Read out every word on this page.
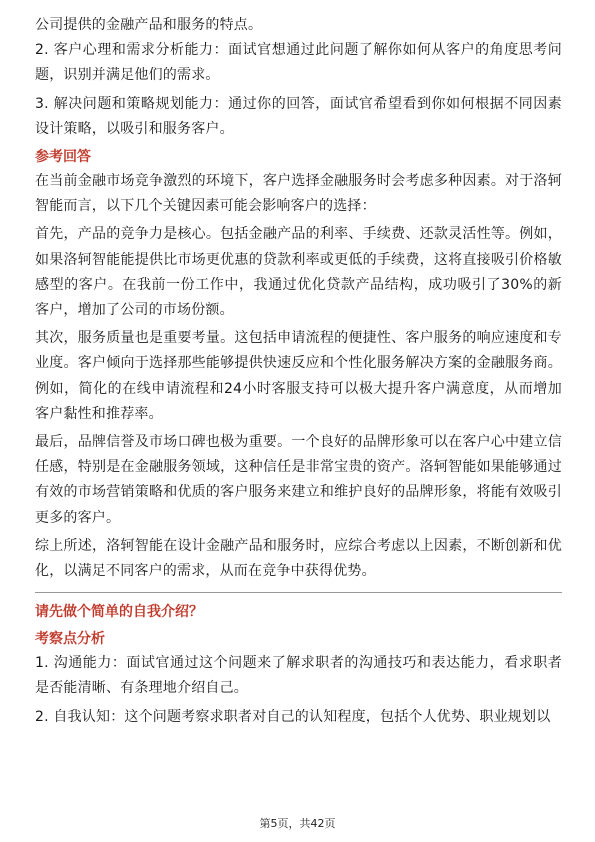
公司提供的金融产品和服务的特点。

2. 客户心理和需求分析能力：面试官想通过此问题了解你如何从客户的角度思考问题，识别并满足他们的需求。

3. 解决问题和策略规划能力：通过你的回答，面试官希望看到你如何根据不同因素设计策略，以吸引和服务客户。

参考回答

在当前金融市场竞争激烈的环境下，客户选择金融服务时会考虑多种因素。对于洛轲智能而言，以下几个关键因素可能会影响客户的选择：

首先，产品的竞争力是核心。包括金融产品的利率、手续费、还款灵活性等。例如，如果洛轲智能能提供比市场更优惠的贷款利率或更低的手续费，这将直接吸引价格敏感型的客户。在我前一份工作中，我通过优化贷款产品结构，成功吸引了30%的新客户，增加了公司的市场份额。

其次，服务质量也是重要考量。这包括申请流程的便捷性、客户服务的响应速度和专业度。客户倾向于选择那些能够提供快速反应和个性化服务解决方案的金融服务商。例如，简化的在线申请流程和24小时客服支持可以极大提升客户满意度，从而增加客户黏性和推荐率。

最后，品牌信誉及市场口碑也极为重要。一个良好的品牌形象可以在客户心中建立信任感，特别是在金融服务领域，这种信任是非常宝贵的资产。洛轲智能如果能够通过有效的市场营销策略和优质的客户服务来建立和维护良好的品牌形象，将能有效吸引更多的客户。

综上所述，洛轲智能在设计金融产品和服务时，应综合考虑以上因素，不断创新和优化，以满足不同客户的需求，从而在竞争中获得优势。

请先做个简单的自我介绍？
考察点分析

1. 沟通能力：面试官通过这个问题来了解求职者的沟通技巧和表达能力，看求职者是否能清晰、有条理地介绍自己。

2. 自我认知：这个问题考察求职者对自己的认知程度，包括个人优势、职业规划以

第5页，共42页
